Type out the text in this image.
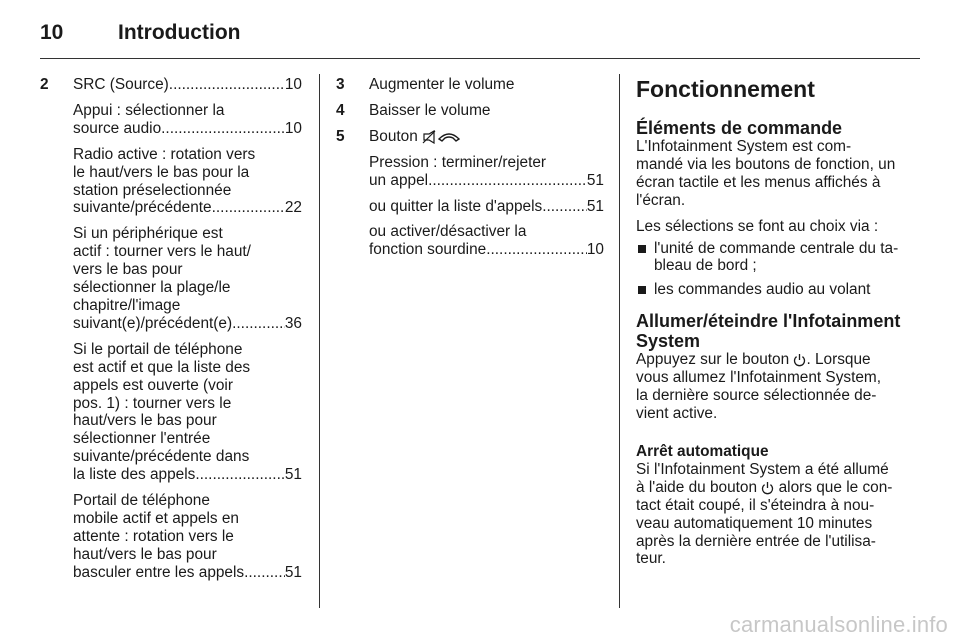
10	Introduction
2	SRC (Source) .....	10
Appui : sélectionner la
source audio .....	10
Radio active : rotation vers
le haut/vers le bas pour la
station préselectionnée
suivante/précédente .....	22
Si un périphérique est
actif : tourner vers le haut/
vers le bas pour
sélectionner la plage/le
chapitre/l'image
suivant(e)/précédent(e) .....	36
Si le portail de téléphone
est actif et que la liste des
appels est ouverte (voir
pos. 1) : tourner vers le
haut/vers le bas pour
sélectionner l'entrée
suivante/précédente dans
la liste des appels .....	51
Portail de téléphone
mobile actif et appels en
attente : rotation vers le
haut/vers le bas pour
basculer entre les appels .....	51
3	Augmenter le volume
4	Baisser le volume
5	Bouton
Pression : terminer/rejeter
un appel .....	51
ou quitter la liste d'appels .....	51
ou activer/désactiver la
fonction sourdine .....	10
Fonctionnement
Éléments de commande
L'Infotainment System est com-
mandé via les boutons de fonction, un
écran tactile et les menus affichés à
l'écran.
Les sélections se font au choix via :
l'unité de commande centrale du ta-
bleau de bord ;
les commandes audio au volant
Allumer/éteindre l'Infotainment
System
Appuyez sur le bouton . Lorsque
vous allumez l'Infotainment System,
la dernière source sélectionnée de-
vient active.
Arrêt automatique
Si l'Infotainment System a été allumé
à l'aide du bouton  alors que le con-
tact était coupé, il s'éteindra à nou-
veau automatiquement 10 minutes
après la dernière entrée de l'utilisa-
teur.
carmanualsonline.info
